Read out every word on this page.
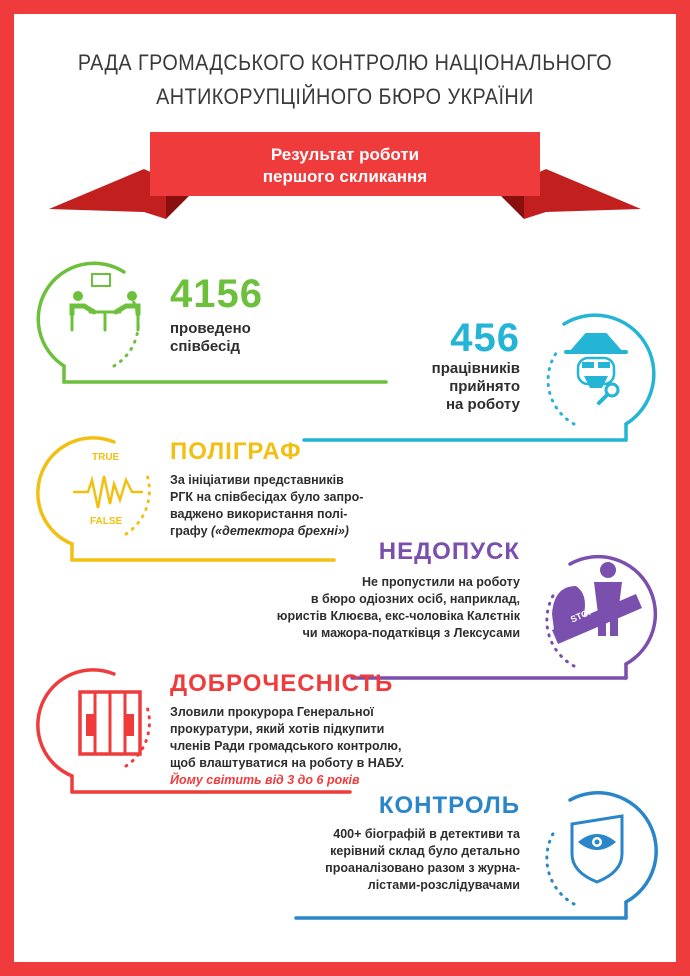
РАДА ГРОМАДСЬКОГО КОНТРОЛЮ НАЦІОНАЛЬНОГО
АНТИКОРУПЦІЙНОГО БЮРО УКРАЇНИ
Результат роботи
першого скликання
4156
проведено
співбесід	456
працівників
прийнято
на роботу
TRUE
FALSE
ПОЛІГРАФ
За ініціативи представників
РГК на співбесідах було запро-
ваджено використання полі-
графу («детектора брехні»)
НЕДОПУСК
Не пропустили на роботу
в бюро одіозних осіб, наприклад,
юристів Клюєва, екс-чоловіка Калєтнік
чи мажора-податківця з Лексусами
STOP
ДОБРОЧЕСНІСТЬ
Зловили прокурора Генеральної
прокуратури, який хотів підкупити
членів Ради громадського контролю,
щоб влаштуватися на роботу в НАБУ.
Йому світить від 3 до 6 років
КОНТРОЛЬ
400+ біографій в детективи та
керівний склад було детально
проаналізовано разом з журна-
лістами-розслідувачами
